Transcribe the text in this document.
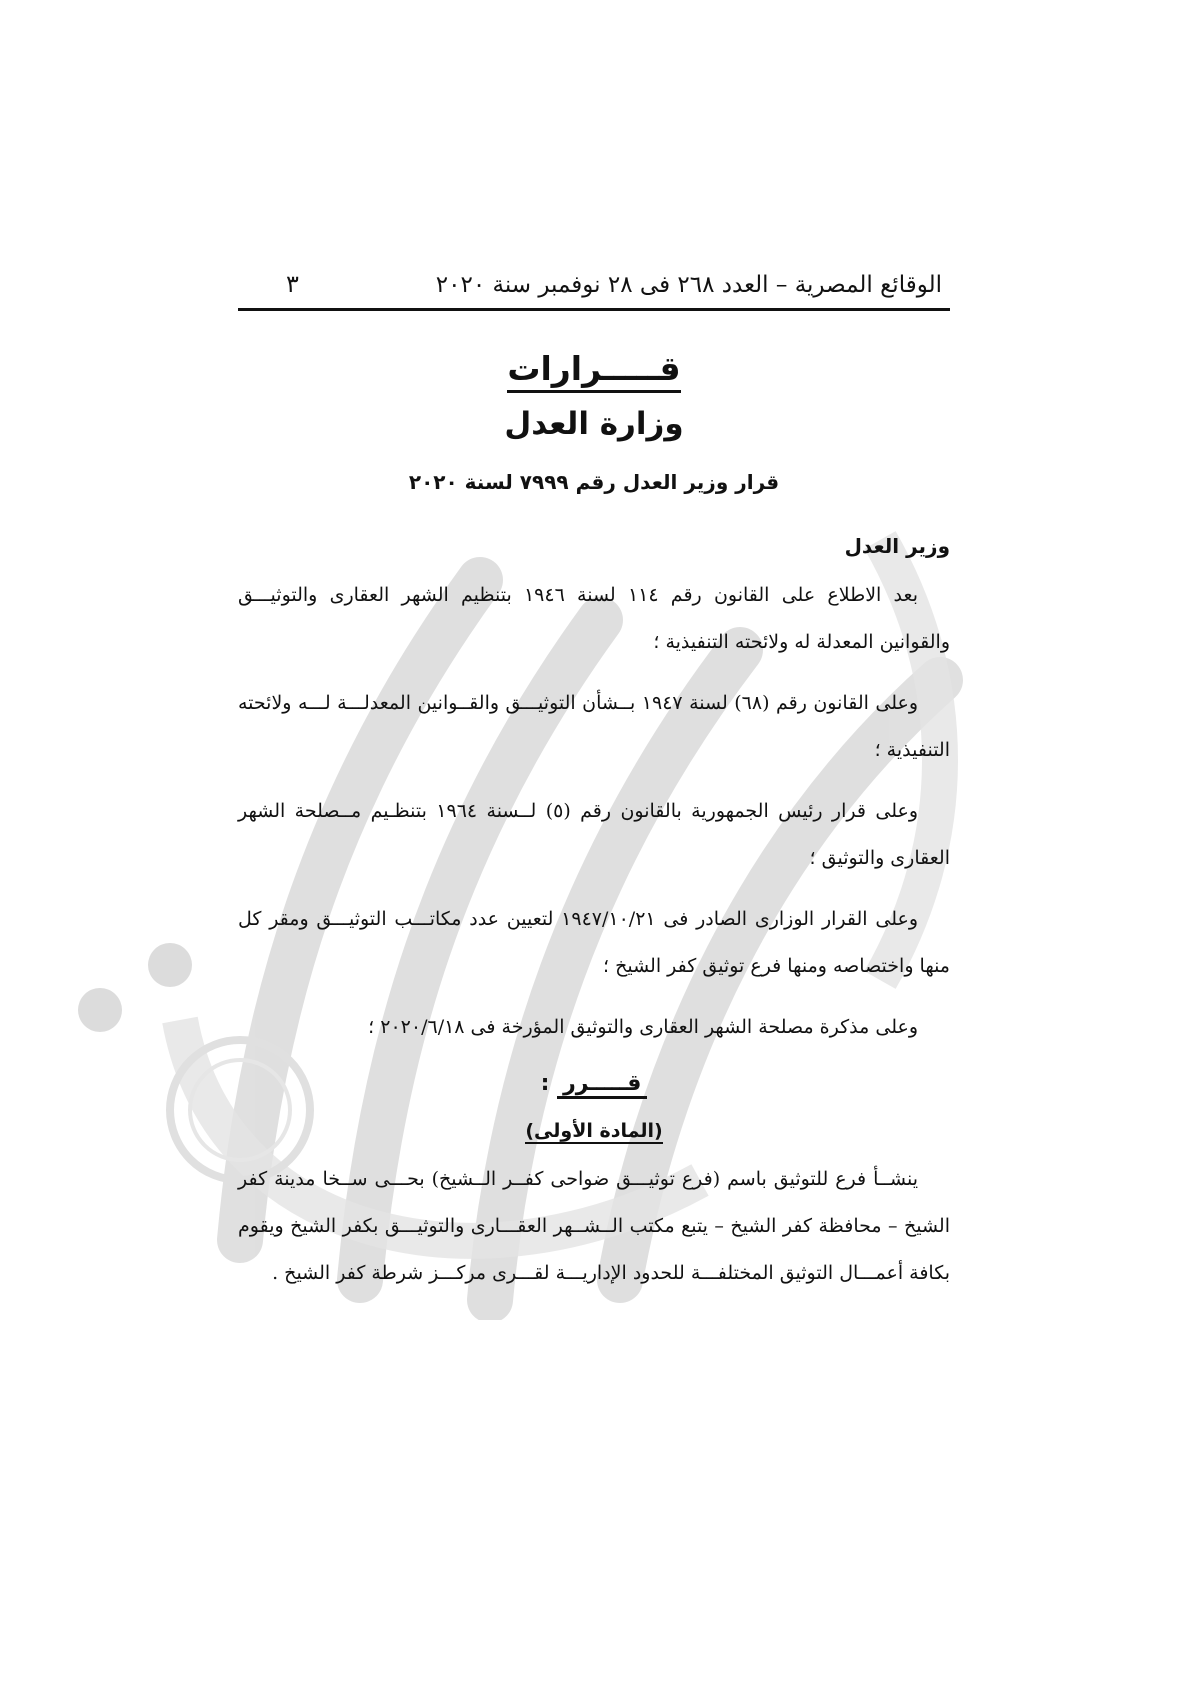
الوقائع المصرية – العدد ٢٦٨ فى ٢٨ نوفمبر سنة ٢٠٢٠
٣
قـــــرارات
وزارة العدل
قرار وزير العدل رقم ٧٩٩٩ لسنة ٢٠٢٠
وزير العدل
بعد الاطلاع على القانون رقم ١١٤ لسنة ١٩٤٦ بتنظيم الشهر العقارى والتوثيـــق والقوانين المعدلة له ولائحته التنفيذية ؛
وعلى القانون رقم (٦٨) لسنة ١٩٤٧ بــشأن التوثيـــق والقــوانين المعدلـــة لـــه ولائحته التنفيذية ؛
وعلى قرار رئيس الجمهورية بالقانون رقم (٥) لــسنة ١٩٦٤ بتنظـيم مــصلحة الشهر العقارى والتوثيق ؛
وعلى القرار الوزارى الصادر فى ١٩٤٧/١٠/٢١ لتعيين عدد مكاتـــب التوثيـــق ومقر كل منها واختصاصه ومنها فرع توثيق كفر الشيخ ؛
وعلى مذكرة مصلحة الشهر العقارى والتوثيق المؤرخة فى ٢٠٢٠/٦/١٨ ؛
قـــــرر :
(المادة الأولى)
ينشــأ فرع للتوثيق باسم (فرع توثيـــق ضواحى كفــر الــشيخ) بحـــى ســخا مدينة كفر الشيخ – محافظة كفر الشيخ – يتبع مكتب الــشــهر العقـــارى والتوثيـــق بكفر الشيخ ويقوم بكافة أعمـــال التوثيق المختلفـــة للحدود الإداريـــة لقـــرى مركـــز شرطة كفر الشيخ .
